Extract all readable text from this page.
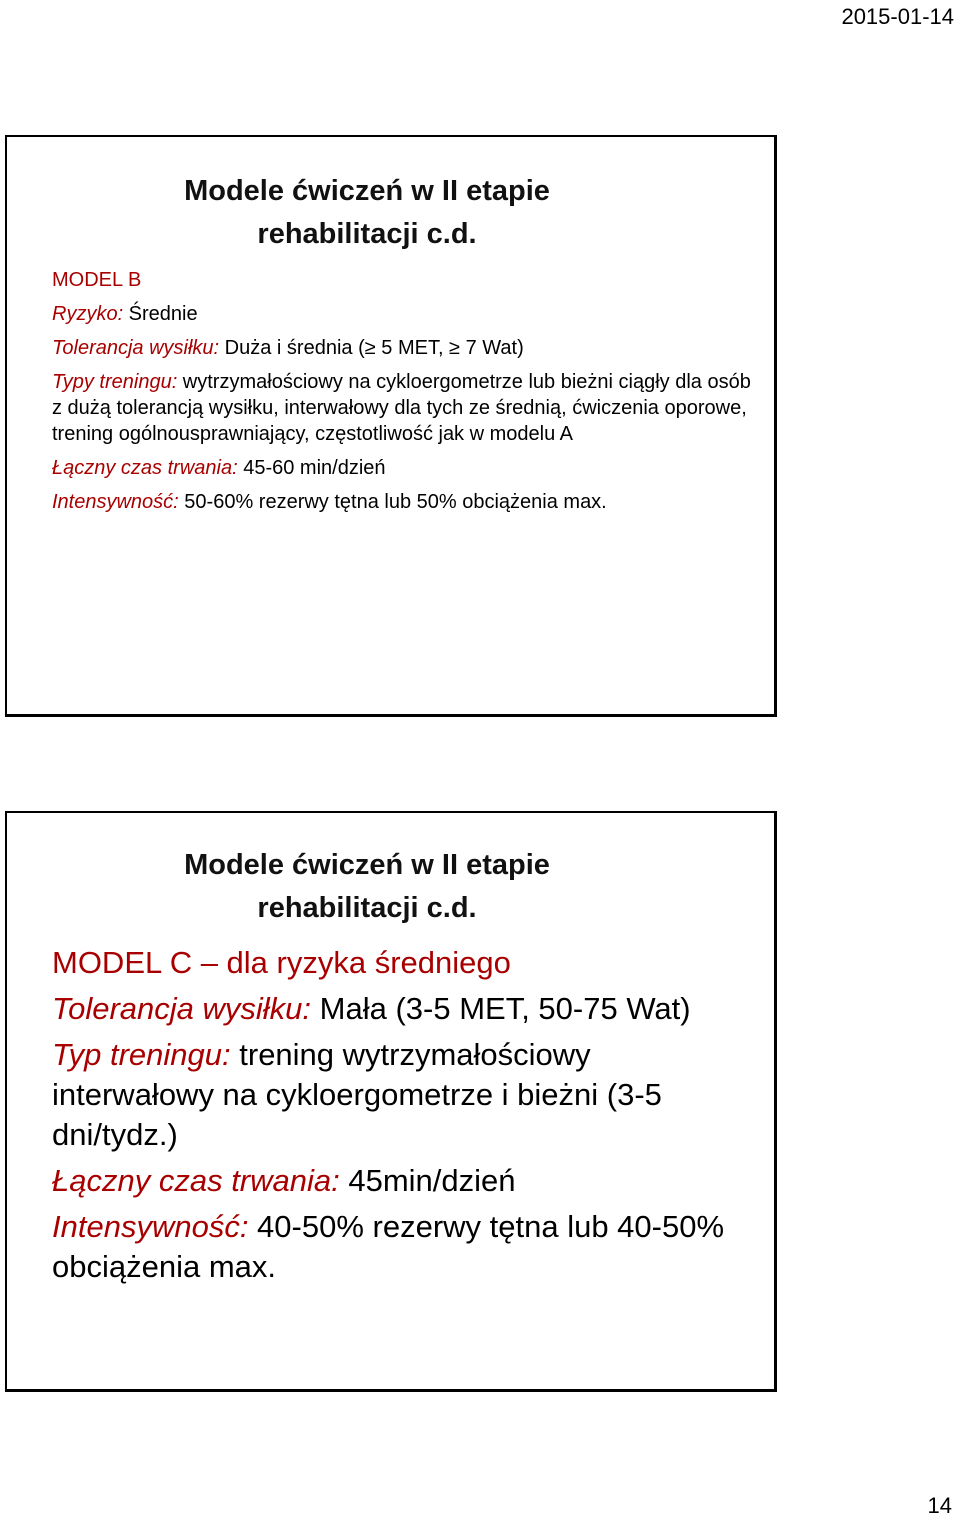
2015-01-14
Modele ćwiczeń w II etapie
rehabilitacji c.d.

MODEL B

Ryzyko: Średnie

Tolerancja wysiłku: Duża i średnia (≥ 5 MET, ≥ 7 Wat)

Typy treningu: wytrzymałościowy na cykloergometrze lub bieżni ciągły dla osób z dużą tolerancją wysiłku, interwałowy dla tych ze średnią, ćwiczenia oporowe, trening ogólnousprawniający, częstotliwość jak w modelu A

Łączny czas trwania: 45-60 min/dzień

Intensywność: 50-60% rezerwy tętna lub 50% obciążenia max.

Modele ćwiczeń w II etapie
rehabilitacji c.d.

MODEL C – dla ryzyka średniego

Tolerancja wysiłku: Mała (3-5 MET, 50-75 Wat)

Typ treningu: trening wytrzymałościowy interwałowy na cykloergometrze i bieżni (3-5 dni/tydz.)

Łączny czas trwania: 45min/dzień

Intensywność: 40-50% rezerwy tętna lub 40-50% obciążenia max.

14
